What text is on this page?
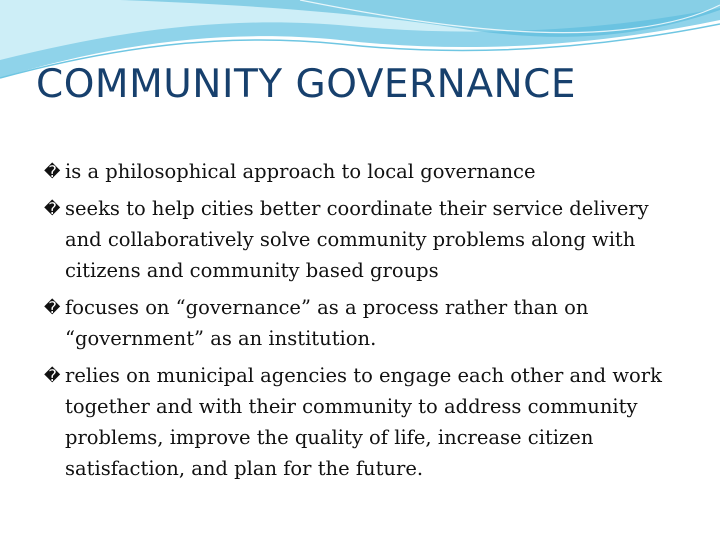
COMMUNITY GOVERNANCE
� is a philosophical approach to local governance
� seeks to help cities better coordinate their service delivery and collaboratively solve community problems along with citizens and community based groups
� focuses on “governance” as a process rather than on “government” as an institution.
� relies on municipal agencies to engage each other and work together and with their community to address community problems, improve the quality of life, increase citizen satisfaction, and plan for the future.
